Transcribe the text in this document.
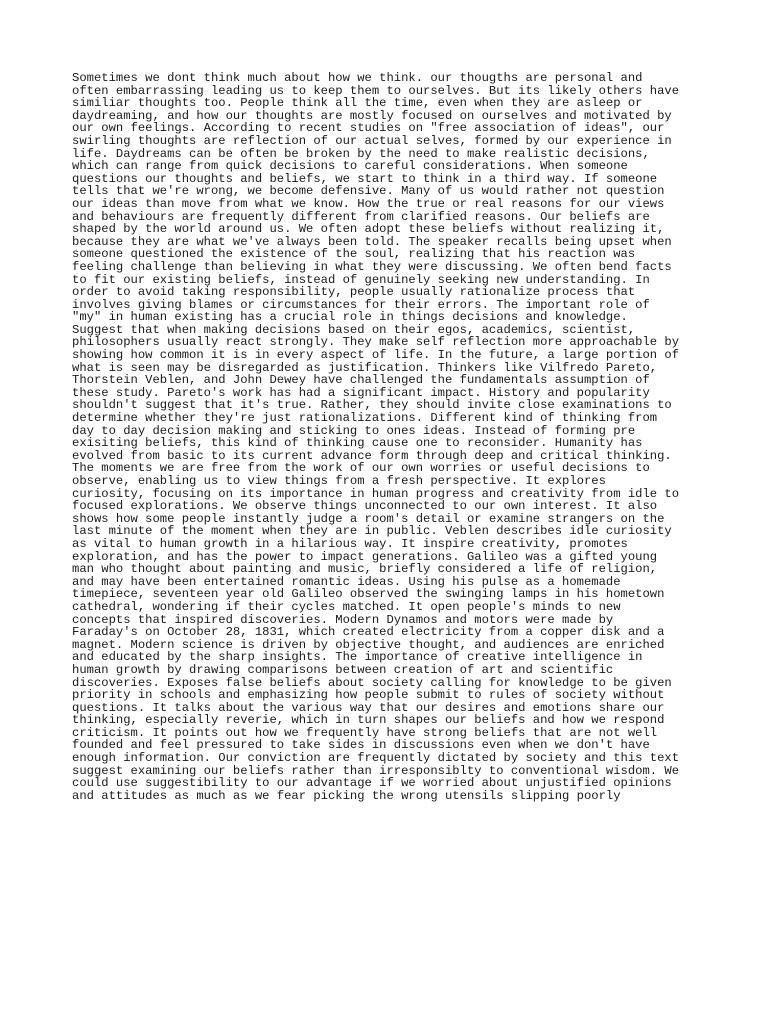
Sometimes we dont think much about how we think. our thougths are personal and
often embarrassing leading us to keep them to ourselves. But its likely others have
similiar thoughts too. People think all the time, even when they are asleep or
daydreaming, and how our thoughts are mostly focused on ourselves and motivated by
our own feelings. According to recent studies on "free association of ideas", our
swirling thoughts are reflection of our actual selves, formed by our experience in
life. Daydreams can be often be broken by the need to make realistic decisions,
which can range from quick decisions to careful considerations. When someone
questions our thoughts and beliefs, we start to think in a third way. If someone
tells that we're wrong, we become defensive. Many of us would rather not question
our ideas than move from what we know. How the true or real reasons for our views
and behaviours are frequently different from clarified reasons. Our beliefs are
shaped by the world around us. We often adopt these beliefs without realizing it,
because they are what we've always been told. The speaker recalls being upset when
someone questioned the existence of the soul, realizing that his reaction was
feeling challenge than believing in what they were discussing. We often bend facts
to fit our existing beliefs, instead of genuinely seeking new understanding. In
order to avoid taking responsibility, people usually rationalize process that
involves giving blames or circumstances for their errors. The important role of
"my" in human existing has a crucial role in things decisions and knowledge.
Suggest that when making decisions based on their egos, academics, scientist,
philosophers usually react strongly. They make self reflection more approachable by
showing how common it is in every aspect of life. In the future, a large portion of
what is seen may be disregarded as justification. Thinkers like Vilfredo Pareto,
Thorstein Veblen, and John Dewey have challenged the fundamentals assumption of
these study. Pareto's work has had a significant impact. History and popularity
shouldn't suggest that it's true. Rather, they should invite close examinations to
determine whether they're just rationalizations. Different kind of thinking from
day to day decision making and sticking to ones ideas. Instead of forming pre
exisiting beliefs, this kind of thinking cause one to reconsider. Humanity has
evolved from basic to its current advance form through deep and critical thinking.
The moments we are free from the work of our own worries or useful decisions to
observe, enabling us to view things from a fresh perspective. It explores
curiosity, focusing on its importance in human progress and creativity from idle to
focused explorations. We observe things unconnected to our own interest. It also
shows how some people instantly judge a room's detail or examine strangers on the
last minute of the moment when they are in public. Veblen describes idle curiosity
as vital to human growth in a hilarious way. It inspire creativity, promotes
exploration, and has the power to impact generations. Galileo was a gifted young
man who thought about painting and music, briefly considered a life of religion,
and may have been entertained romantic ideas. Using his pulse as a homemade
timepiece, seventeen year old Galileo observed the swinging lamps in his hometown
cathedral, wondering if their cycles matched. It open people's minds to new
concepts that inspired discoveries. Modern Dynamos and motors were made by
Faraday's on October 28, 1831, which created electricity from a copper disk and a
magnet. Modern science is driven by objective thought, and audiences are enriched
and educated by the sharp insights. The importance of creative intelligence in
human growth by drawing comparisons between creation of art and scientific
discoveries. Exposes false beliefs about society calling for knowledge to be given
priority in schools and emphasizing how people submit to rules of society without
questions. It talks about the various way that our desires and emotions share our
thinking, especially reverie, which in turn shapes our beliefs and how we respond
criticism. It points out how we frequently have strong beliefs that are not well
founded and feel pressured to take sides in discussions even when we don't have
enough information. Our conviction are frequently dictated by society and this text
suggest examining our beliefs rather than irresponsiblty to conventional wisdom. We
could use suggestibility to our advantage if we worried about unjustified opinions
and attitudes as much as we fear picking the wrong utensils slipping poorly
